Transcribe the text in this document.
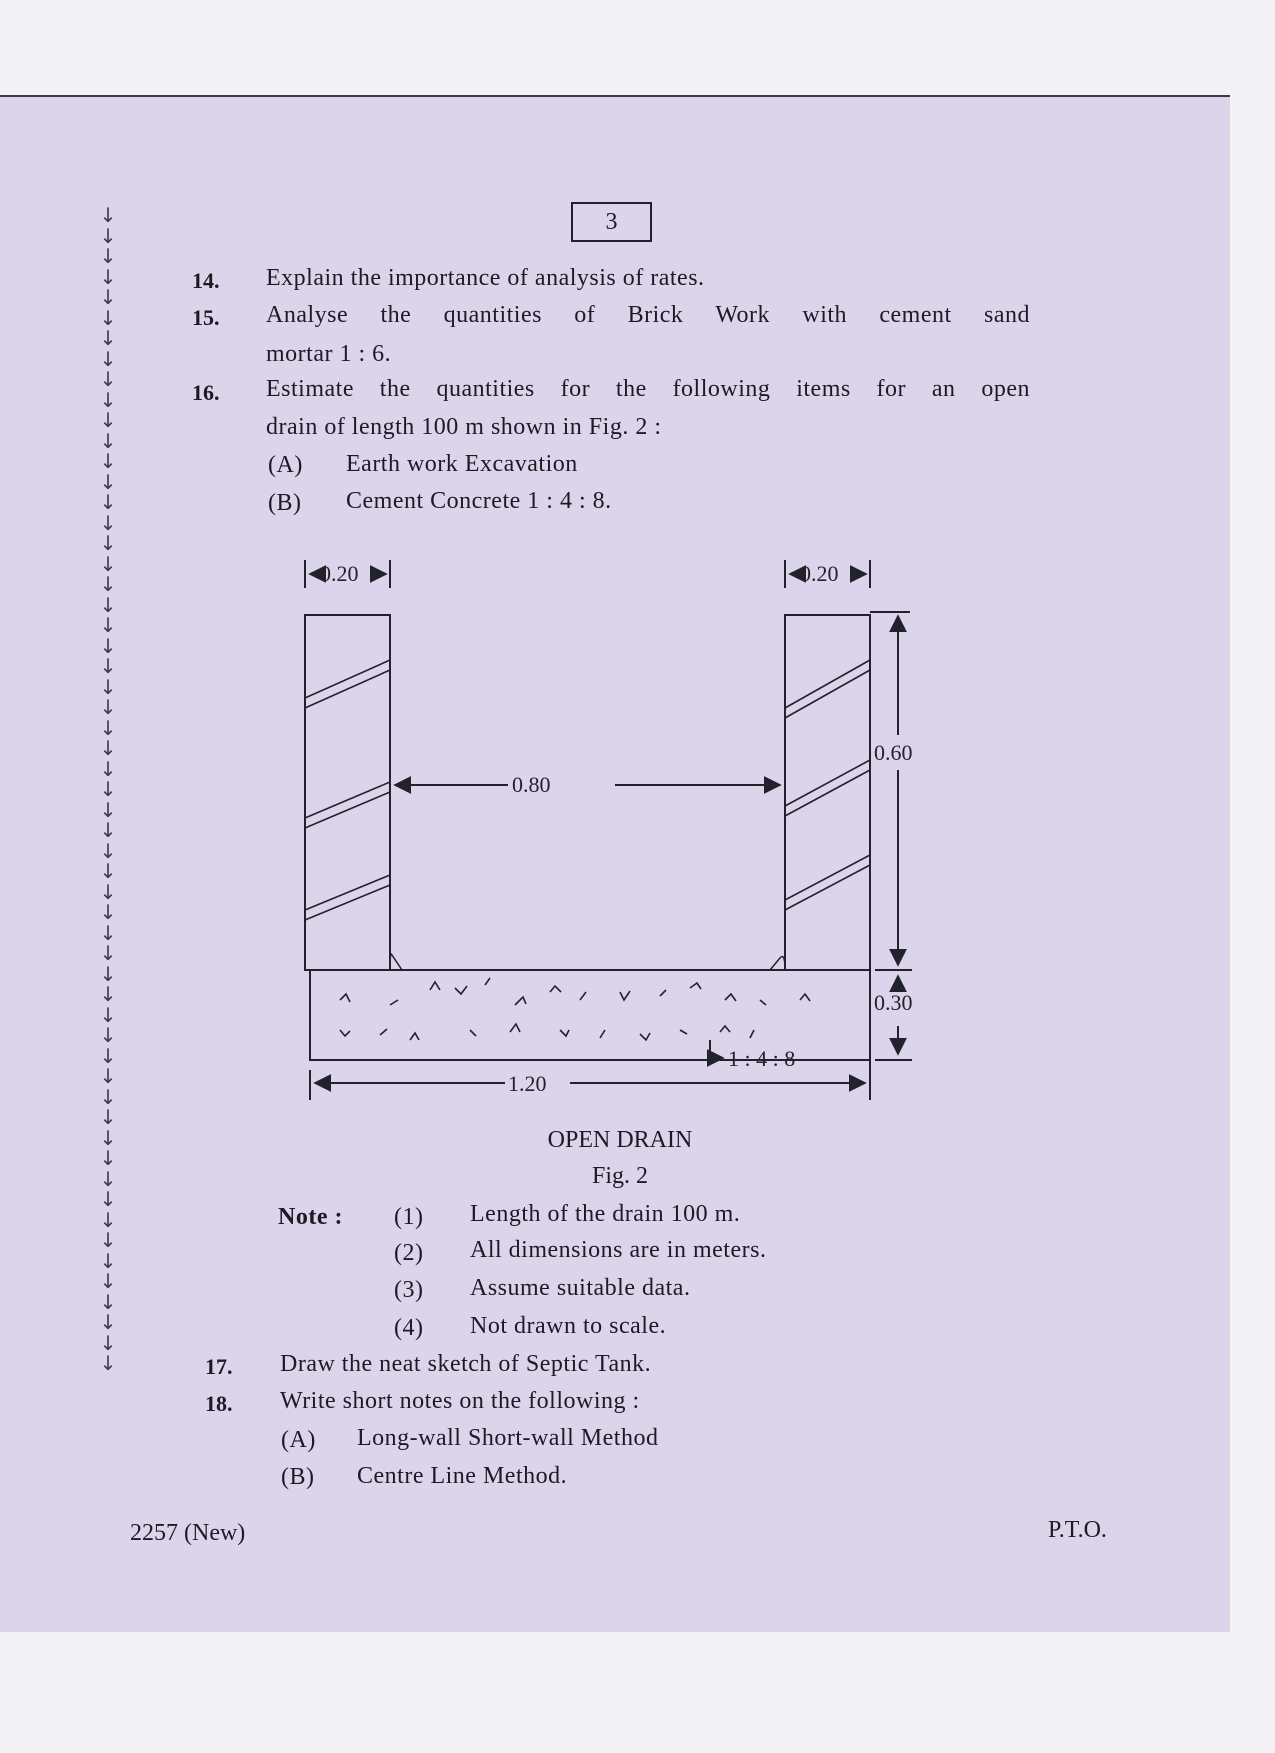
↓
↓
↓
↓
↓
↓
↓
↓
↓
↓
↓
↓
↓
↓
↓
↓
↓
↓
↓
↓
↓
↓
↓
↓
↓
↓
↓
↓
↓
↓
↓
↓
↓
↓
↓
↓
↓
↓
↓
↓
↓
↓
↓
↓
↓
↓
↓
↓
↓
↓
↓
↓
↓
↓
↓
↓
↓
3
14. Explain the importance of analysis of rates.
15. Analyse the quantities of Brick Work with cement sand
mortar 1 : 6.
16. Estimate the quantities for the following items for an open
drain of length 100 m shown in Fig. 2 :
(A) Earth work Excavation
(B) Cement Concrete 1 : 4 : 8.
0.20	0.20
0.80
0.60
0.30
1.20
1 : 4 : 8
OPEN DRAIN
Fig. 2
Note : (1) Length of the drain 100 m.
(2) All dimensions are in meters.
(3) Assume suitable data.
(4) Not drawn to scale.
17. Draw the neat sketch of Septic Tank.
18. Write short notes on the following :
(A) Long-wall Short-wall Method
(B) Centre Line Method.
2257 (New)	P.T.O.
